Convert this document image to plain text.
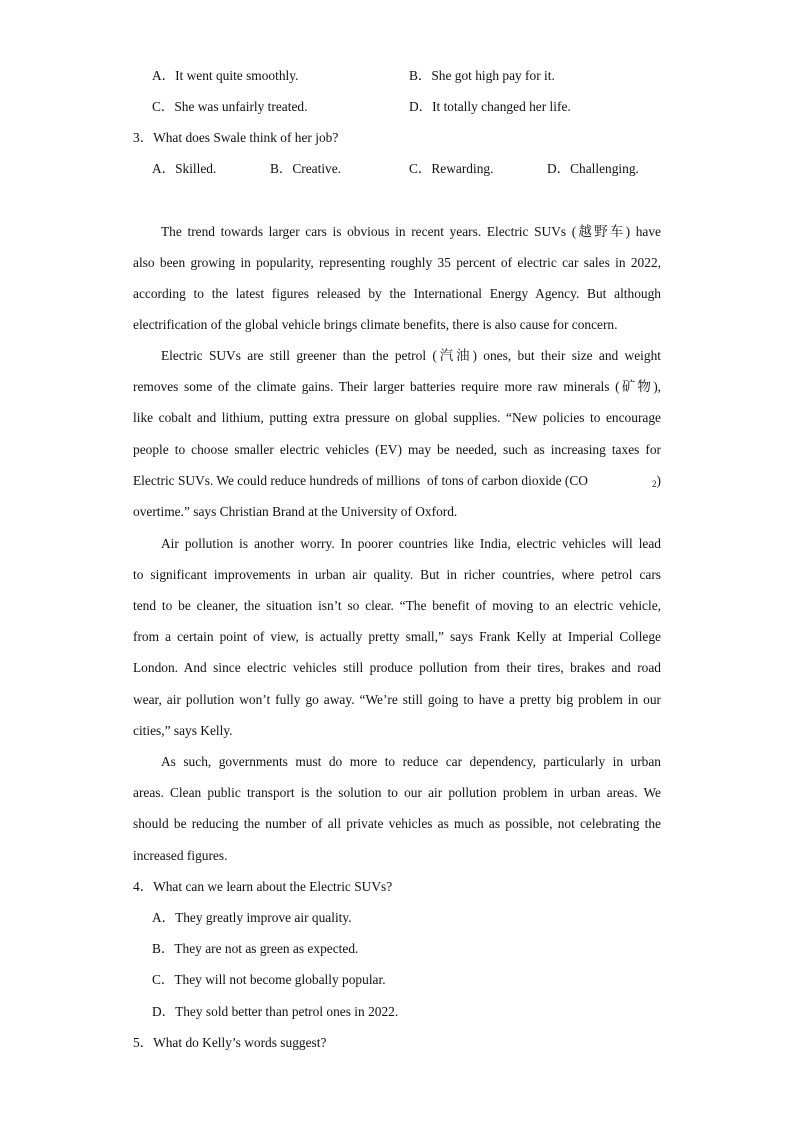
A．It went quite smoothly.	B．She got high pay for it.
C．She was unfairly treated.	D．It totally changed her life.
3．What does Swale think of her job?
A．Skilled.	B．Creative.	C．Rewarding.	D．Challenging.
The trend towards larger cars is obvious in recent years. Electric SUVs (越野车) have
also been growing in popularity, representing roughly 35 percent of electric car sales in 2022,
according to the latest figures released by the International Energy Agency. But although
electrification of the global vehicle brings climate benefits, there is also cause for concern.
Electric SUVs are still greener than the petrol (汽油) ones, but their size and weight
removes some of the climate gains. Their larger batteries require more raw minerals (矿物),
like cobalt and lithium, putting extra pressure on global supplies. “New policies to encourage
people to choose smaller electric vehicles (EV) may be needed, such as increasing taxes for
Electric SUVs. We could reduce hundreds of millions  of tons of carbon dioxide (CO	$_2$)
overtime.” says Christian Brand at the University of Oxford.
Air pollution is another worry. In poorer countries like India, electric vehicles will lead
to significant improvements in urban air quality. But in richer countries, where petrol cars
tend to be cleaner, the situation isn’t so clear. “The benefit of moving to an electric vehicle,
from a certain point of view, is actually pretty small,” says Frank Kelly at Imperial College
London. And since electric vehicles still produce pollution from their tires, brakes and road
wear, air pollution won’t fully go away. “We’re still going to have a pretty big problem in our
cities,” says Kelly.
As such, governments must do more to reduce car dependency, particularly in urban
areas. Clean public transport is the solution to our air pollution problem in urban areas. We
should be reducing the number of all private vehicles as much as possible, not celebrating the
increased figures.
4．What can we learn about the Electric SUVs?
A．They greatly improve air quality.
B．They are not as green as expected.
C．They will not become globally popular.
D．They sold better than petrol ones in 2022.
5．What do Kelly’s words suggest?
